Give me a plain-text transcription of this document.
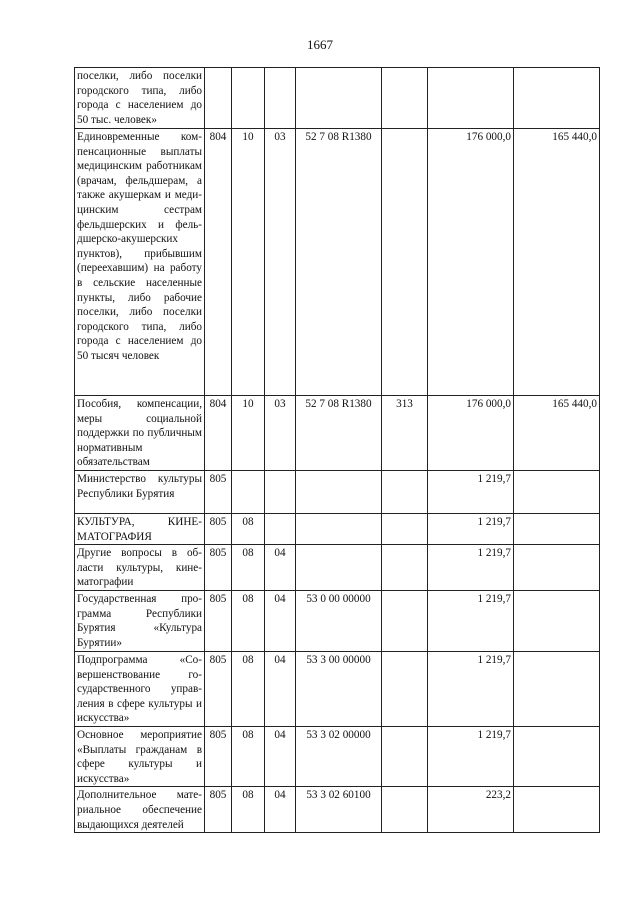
1667
поселки, либо поселки городского типа, либо города с населением до 50 тыс. человек»							
Единовременные компенсационные выплаты медицинским работникам (врачам, фельдшерам, а также акушеркам и медицинским сестрам фельдшерских и фельдшерско-акушерских пунктов), прибывшим (переехавшим) на работу в сельские населенные пункты, либо рабочие поселки, либо поселки городского типа, либо города с населением до 50 тысяч человек	804	10	03	52 7 08 R1380		176 000,0	165 440,0
Пособия, компенсации, меры социальной поддержки по публичным нормативным обязательствам	804	10	03	52 7 08 R1380	313	176 000,0	165 440,0
Министерство культуры Республики Бурятия	805					1 219,7	
КУЛЬТУРА, КИНЕМАТОГРАФИЯ	805	08				1 219,7	
Другие вопросы в области культуры, кинематографии	805	08	04			1 219,7	
Государственная программа Республики Бурятия «Культура Бурятии»	805	08	04	53 0 00 00000		1 219,7	
Подпрограмма «Совершенствование государственного управления в сфере культуры и искусства»	805	08	04	53 3 00 00000		1 219,7	
Основное мероприятие «Выплаты гражданам в сфере культуры и искусства»	805	08	04	53 3 02 00000		1 219,7	
Дополнительное материальное обеспечение выдающихся деятелей	805	08	04	53 3 02 60100		223,2	
